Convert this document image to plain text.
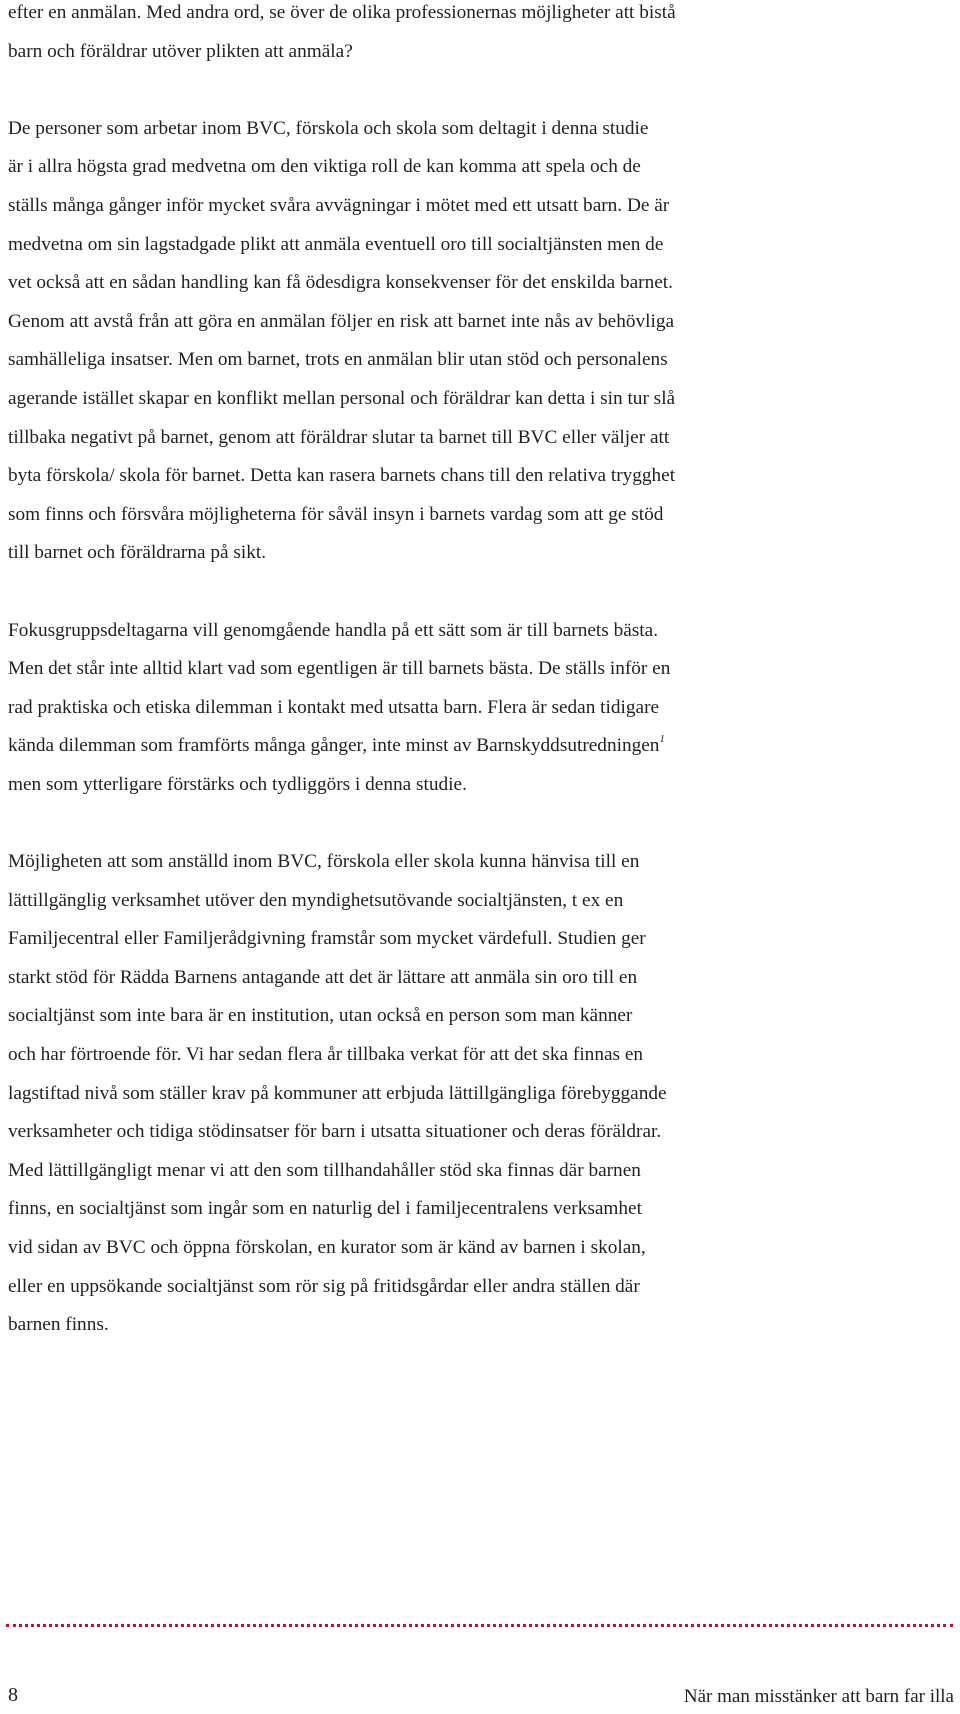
efter en anmälan. Med andra ord, se över de olika professionernas möjligheter att bistå
barn och föräldrar utöver plikten att anmäla?

De personer som arbetar inom BVC, förskola och skola som deltagit i denna studie
är i allra högsta grad medvetna om den viktiga roll de kan komma att spela och de
ställs många gånger inför mycket svåra avvägningar i mötet med ett utsatt barn. De är
medvetna om sin lagstadgade plikt att anmäla eventuell oro till socialtjänsten men de
vet också att en sådan handling kan få ödesdigra konsekvenser för det enskilda barnet.
Genom att avstå från att göra en anmälan följer en risk att barnet inte nås av behövliga
samhälleliga insatser. Men om barnet, trots en anmälan blir utan stöd och personalens
agerande istället skapar en konflikt mellan personal och föräldrar kan detta i sin tur slå
tillbaka negativt på barnet, genom att föräldrar slutar ta barnet till BVC eller väljer att
byta förskola/ skola för barnet. Detta kan rasera barnets chans till den relativa trygghet
som finns och försvåra möjligheterna för såväl insyn i barnets vardag som att ge stöd
till barnet och föräldrarna på sikt.

Fokusgruppsdeltagarna vill genomgående handla på ett sätt som är till barnets bästa.
Men det står inte alltid klart vad som egentligen är till barnets bästa. De ställs inför en
rad praktiska och etiska dilemman i kontakt med utsatta barn. Flera är sedan tidigare
kända dilemman som framförts många gånger, inte minst av Barnskyddsutredningen$^1$
men som ytterligare förstärks och tydliggörs i denna studie.

Möjligheten att som anställd inom BVC, förskola eller skola kunna hänvisa till en
lättillgänglig verksamhet utöver den myndighetsutövande socialtjänsten, t ex en
Familjecentral eller Familjerådgivning framstår som mycket värdefull. Studien ger
starkt stöd för Rädda Barnens antagande att det är lättare att anmäla sin oro till en
socialtjänst som inte bara är en institution, utan också en person som man känner
och har förtroende för. Vi har sedan flera år tillbaka verkat för att det ska finnas en
lagstiftad nivå som ställer krav på kommuner att erbjuda lättillgängliga förebyggande
verksamheter och tidiga stödinsatser för barn i utsatta situationer och deras föräldrar.
Med lättillgängligt menar vi att den som tillhandahåller stöd ska finnas där barnen
finns, en socialtjänst som ingår som en naturlig del i familjecentralens verksamhet
vid sidan av BVC och öppna förskolan, en kurator som är känd av barnen i skolan,
eller en uppsökande socialtjänst som rör sig på fritidsgårdar eller andra ställen där
barnen finns.

8	När man misstänker att barn far illa
